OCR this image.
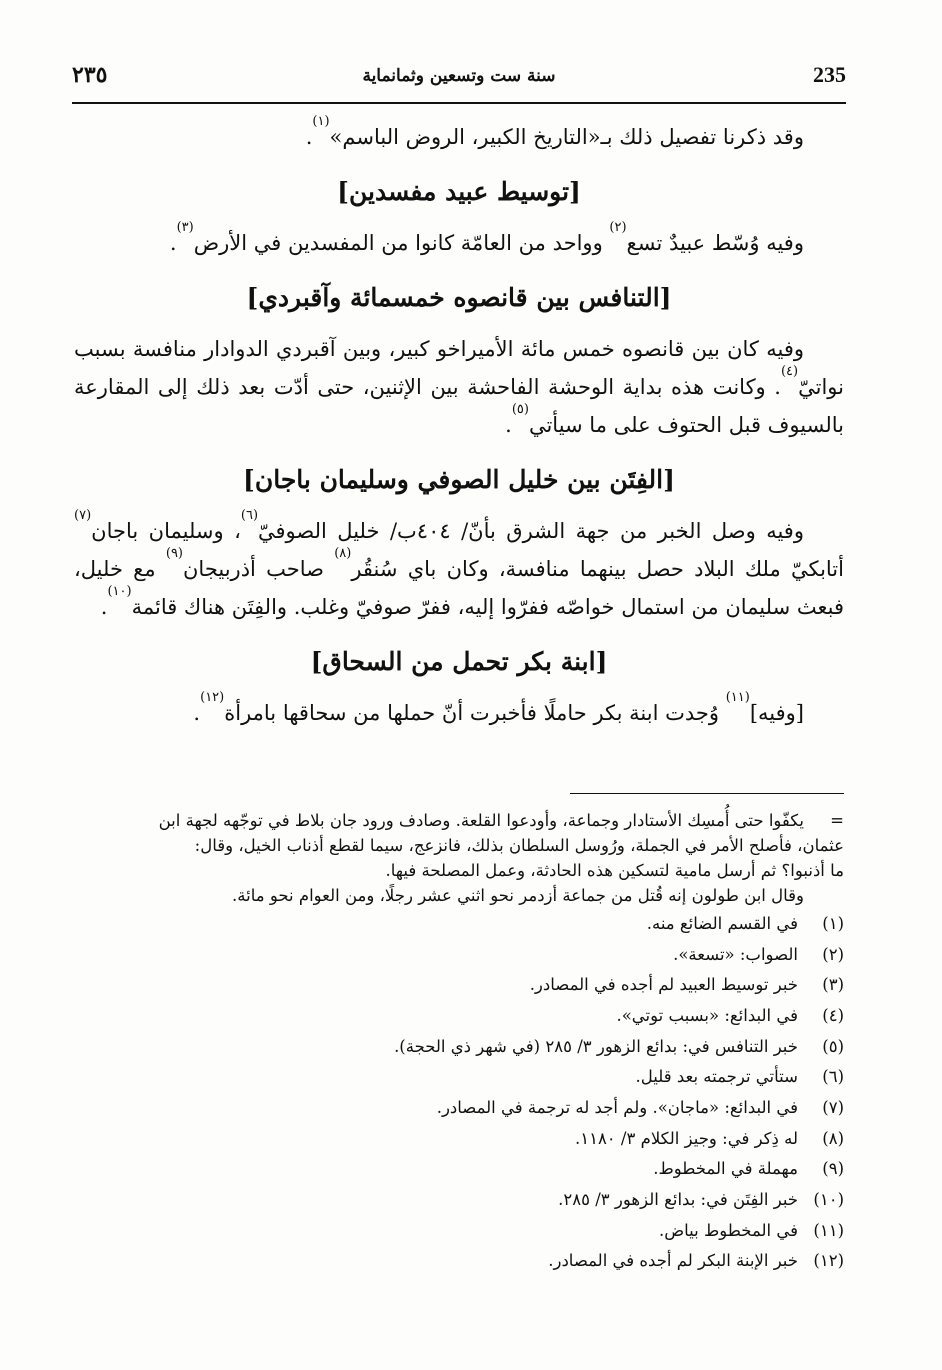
٢٣٥	سنة ست وتسعين وثمانماية	235

وقد ذكرنا تفصيل ذلك بـ«التاريخ الكبير، الروض الباسم»$^{(١)}$.

[توسيط عبيد مفسدين]

وفيه وُسّط عبيدٌ تسع$^{(٢)}$ وواحد من العامّة كانوا من المفسدين في الأرض$^{(٣)}$.

[التنافس بين قانصوه خمسمائة وآقبردي]

وفيه كان بين قانصوه خمس مائة الأميراخو كبير، وبين آقبردي الدوادار منافسة بسبب نواتيّ$^{(٤)}$. وكانت هذه بداية الوحشة الفاحشة بين الإثنين، حتى أدّت بعد ذلك إلى المقارعة بالسيوف قبل الحتوف على ما سيأتي$^{(٥)}$.

[الفِتَن بين خليل الصوفي وسليمان باجان]

وفيه وصل الخبر من جهة الشرق بأنّ/ ٤٠٤ب/ خليل الصوفيّ$^{(٦)}$، وسليمان باجان$^{(٧)}$ أتابكيّ ملك البلاد حصل بينهما منافسة، وكان باي سُنقُر$^{(٨)}$ صاحب أذربيجان$^{(٩)}$ مع خليل، فبعث سليمان من استمال خواصّه ففرّوا إليه، ففرّ صوفيّ وغلب. والفِتَن هناك قائمة$^{(١٠)}$.

[ابنة بكر تحمل من السحاق]

[وفيه]$^{(١١)}$ وُجدت ابنة بكر حاملًا فأخبرت أنّ حملها من سحاقها بامرأة$^{(١٢)}$.

=
يكفّوا حتى أُمسِك الأستادار وجماعة، وأودعوا القلعة. وصادف ورود جان بلاط في توجّهه لجهة ابن
عثمان، فأصلح الأمر في الجملة، ورُوسل السلطان بذلك، فانزعج، سيما لقطع أذناب الخيل، وقال:
ما أذنبوا؟ ثم أرسل مامية لتسكين هذه الحادثة، وعمل المصلحة فيها.
وقال ابن طولون إنه قُتل من جماعة أزدمر نحو اثني عشر رجلًا، ومن العوام نحو مائة.
(١)
في القسم الضائع منه.
(٢)
الصواب: «تسعة».
(٣)
خبر توسيط العبيد لم أجده في المصادر.
(٤)
في البدائع: «بسبب توتي».
(٥)
خبر التنافس في: بدائع الزهور ٣/ ٢٨٥ (في شهر ذي الحجة).
(٦)
ستأتي ترجمته بعد قليل.
(٧)
في البدائع: «ماجان». ولم أجد له ترجمة في المصادر.
(٨)
له ذِكر في: وجيز الكلام ٣/ ١١٨٠.
(٩)
مهملة في المخطوط.
(١٠)
خبر الفِتَن في: بدائع الزهور ٣/ ٢٨٥.
(١١)
في المخطوط بياض.
(١٢)
خبر الإبنة البكر لم أجده في المصادر.
